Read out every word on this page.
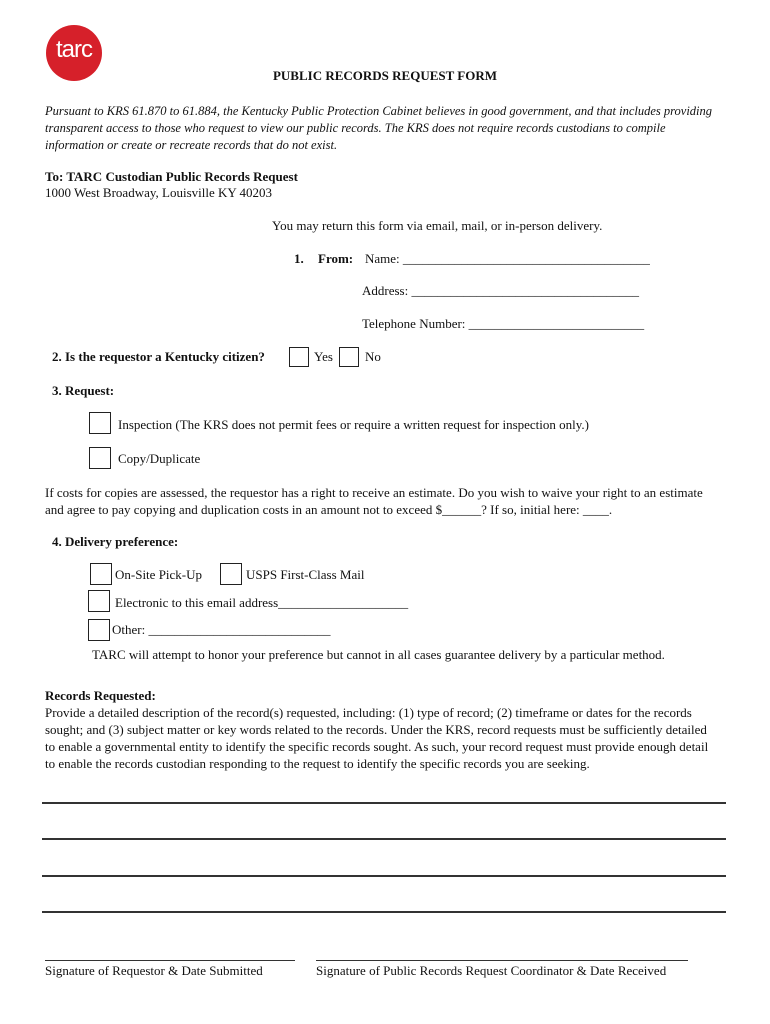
tarc
PUBLIC RECORDS REQUEST FORM
Pursuant to KRS 61.870 to 61.884, the Kentucky Public Protection Cabinet believes in good government, and that includes providing transparent access to those who request to view our public records. The KRS does not require records custodians to compile information or create or recreate records that do not exist.
To: TARC Custodian Public Records Request
1000 West Broadway, Louisville KY 40203
You may return this form via email, mail, or in-person delivery.
1. From: Name: ______________________________________
Address: ___________________________________
Telephone Number: ___________________________
2. Is the requestor a Kentucky citizen?	Yes No
3. Request:
Inspection (The KRS does not permit fees or require a written request for inspection only.)
Copy/Duplicate
If costs for copies are assessed, the requestor has a right to receive an estimate. Do you wish to waive your right to an estimate and agree to pay copying and duplication costs in an amount not to exceed $______? If so, initial here: ____.
4. Delivery preference:
On-Site Pick-Up	USPS First-Class Mail
Electronic to this email address____________________
Other: ____________________________
TARC will attempt to honor your preference but cannot in all cases guarantee delivery by a particular method.
Records Requested:
Provide a detailed description of the record(s) requested, including: (1) type of record; (2) timeframe or dates for the records sought; and (3) subject matter or key words related to the records. Under the KRS, record requests must be sufficiently detailed to enable a governmental entity to identify the specific records sought. As such, your record request must provide enough detail to enable the records custodian responding to the request to identify the specific records you are seeking.
Signature of Requestor & Date Submitted	Signature of Public Records Request Coordinator & Date Received
